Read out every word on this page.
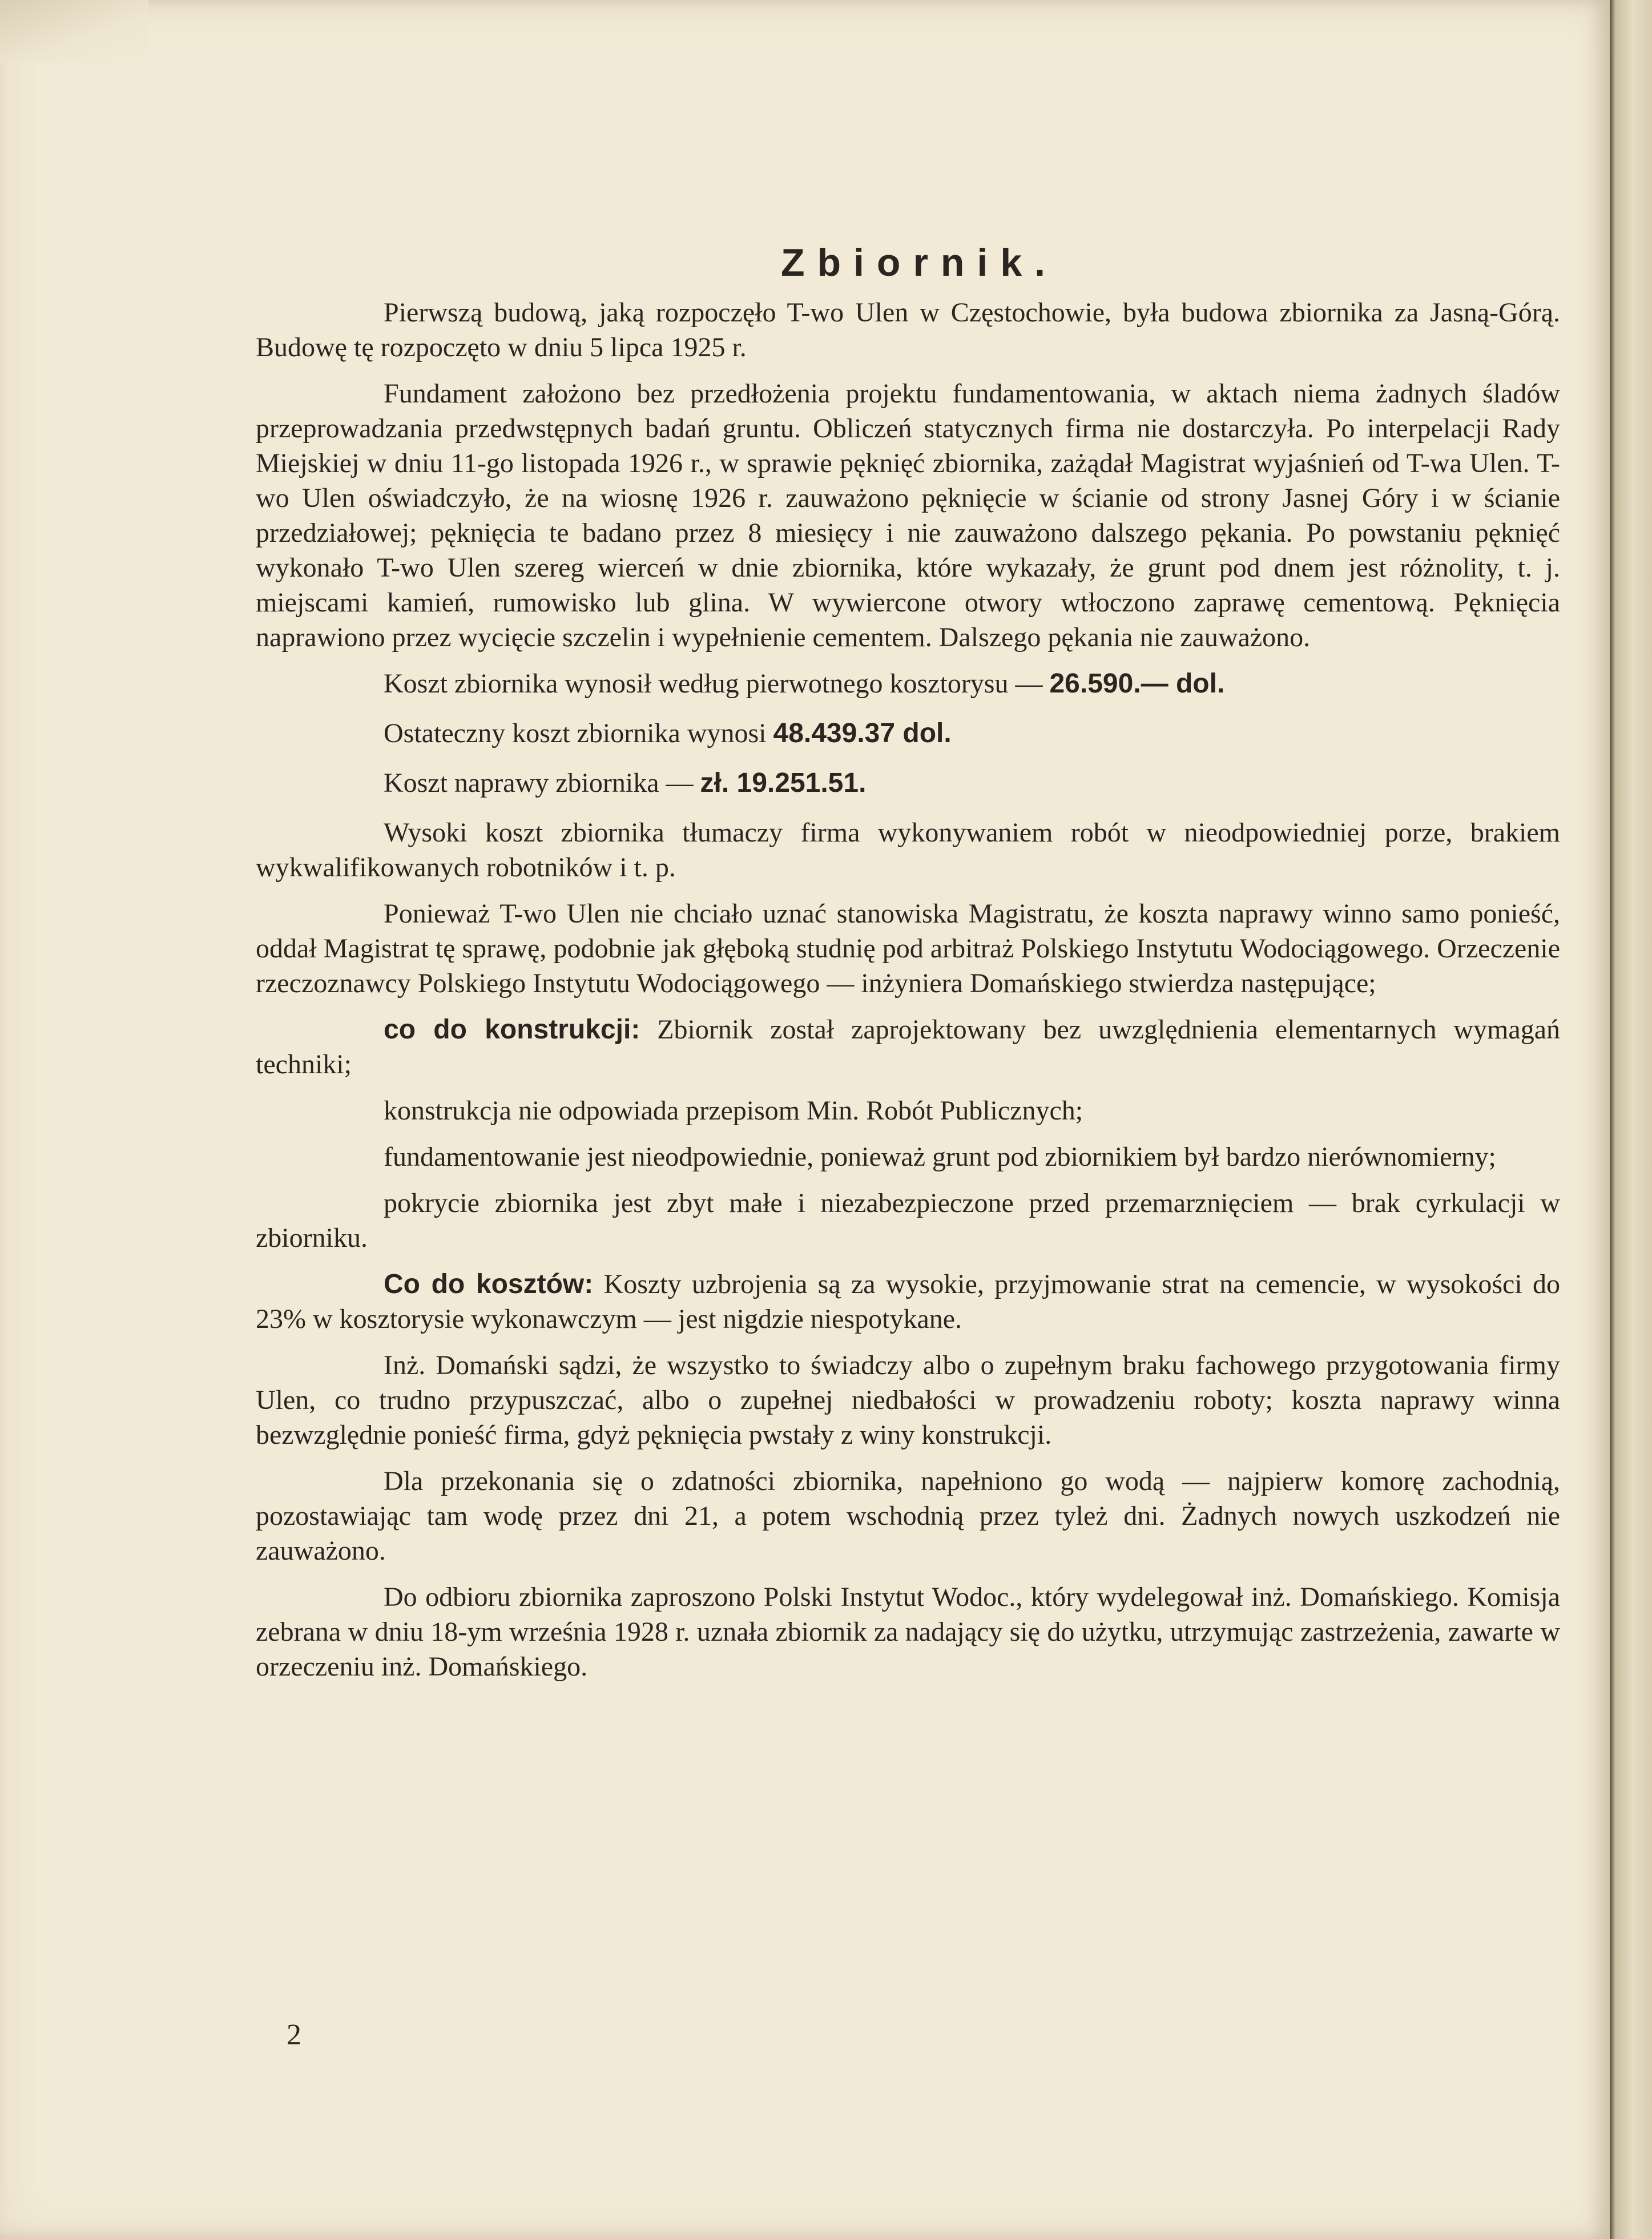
Zbiornik.

Pierwszą budową, jaką rozpoczęło T-wo Ulen w Częstochowie, była budowa zbiornika za Jasną-Górą. Budowę tę rozpoczęto w dniu 5 lipca 1925 r.

Fundament założono bez przedłożenia projektu fundamentowania, w aktach niema żadnych śladów przeprowadzania przedwstępnych badań gruntu. Obliczeń statycznych firma nie dostarczyła. Po interpelacji Rady Miejskiej w dniu 11-go listopada 1926 r., w sprawie pęknięć zbiornika, zażądał Magistrat wyjaśnień od T-wa Ulen. T-wo Ulen oświadczyło, że na wiosnę 1926 r. zauważono pęknięcie w ścianie od strony Jasnej Góry i w ścianie przedziałowej; pęknięcia te badano przez 8 miesięcy i nie zauważono dalszego pękania. Po powstaniu pęknięć wykonało T-wo Ulen szereg wierceń w dnie zbiornika, które wykazały, że grunt pod dnem jest różnolity, t. j. miejscami kamień, rumowisko lub glina. W wywiercone otwory wtłoczono zaprawę cementową. Pęknięcia naprawiono przez wycięcie szczelin i wypełnienie cementem. Dalszego pękania nie zauważono.

Koszt zbiornika wynosił według pierwotnego kosztorysu — 26.590.— dol.

Ostateczny koszt zbiornika wynosi 48.439.37 dol.

Koszt naprawy zbiornika — zł. 19.251.51.

Wysoki koszt zbiornika tłumaczy firma wykonywaniem robót w nieodpowiedniej porze, brakiem wykwalifikowanych robotników i t. p.

Ponieważ T-wo Ulen nie chciało uznać stanowiska Magistratu, że koszta naprawy winno samo ponieść, oddał Magistrat tę sprawę, podobnie jak głęboką studnię pod arbitraż Polskiego Instytutu Wodociągowego. Orzeczenie rzeczoznawcy Polskiego Instytutu Wodociągowego — inżyniera Domańskiego stwierdza następujące;

co do konstrukcji: Zbiornik został zaprojektowany bez uwzględnienia elementarnych wymagań techniki;

konstrukcja nie odpowiada przepisom Min. Robót Publicznych;

fundamentowanie jest nieodpowiednie, ponieważ grunt pod zbiornikiem był bardzo nierównomierny;

pokrycie zbiornika jest zbyt małe i niezabezpieczone przed przemarznięciem — brak cyrkulacji w zbiorniku.

Co do kosztów: Koszty uzbrojenia są za wysokie, przyjmowanie strat na cemencie, w wysokości do 23% w kosztorysie wykonawczym — jest nigdzie niespotykane.

Inż. Domański sądzi, że wszystko to świadczy albo o zupełnym braku fachowego przygotowania firmy Ulen, co trudno przypuszczać, albo o zupełnej niedbałości w prowadzeniu roboty; koszta naprawy winna bezwzględnie ponieść firma, gdyż pęknięcia pwstały z winy konstrukcji.

Dla przekonania się o zdatności zbiornika, napełniono go wodą — najpierw komorę zachodnią, pozostawiając tam wodę przez dni 21, a potem wschodnią przez tyleż dni. Żadnych nowych uszkodzeń nie zauważono.

Do odbioru zbiornika zaproszono Polski Instytut Wodoc., który wydelegował inż. Domańskiego. Komisja zebrana w dniu 18-ym września 1928 r. uznała zbiornik za nadający się do użytku, utrzymując zastrzeżenia, zawarte w orzeczeniu inż. Domańskiego.

2
